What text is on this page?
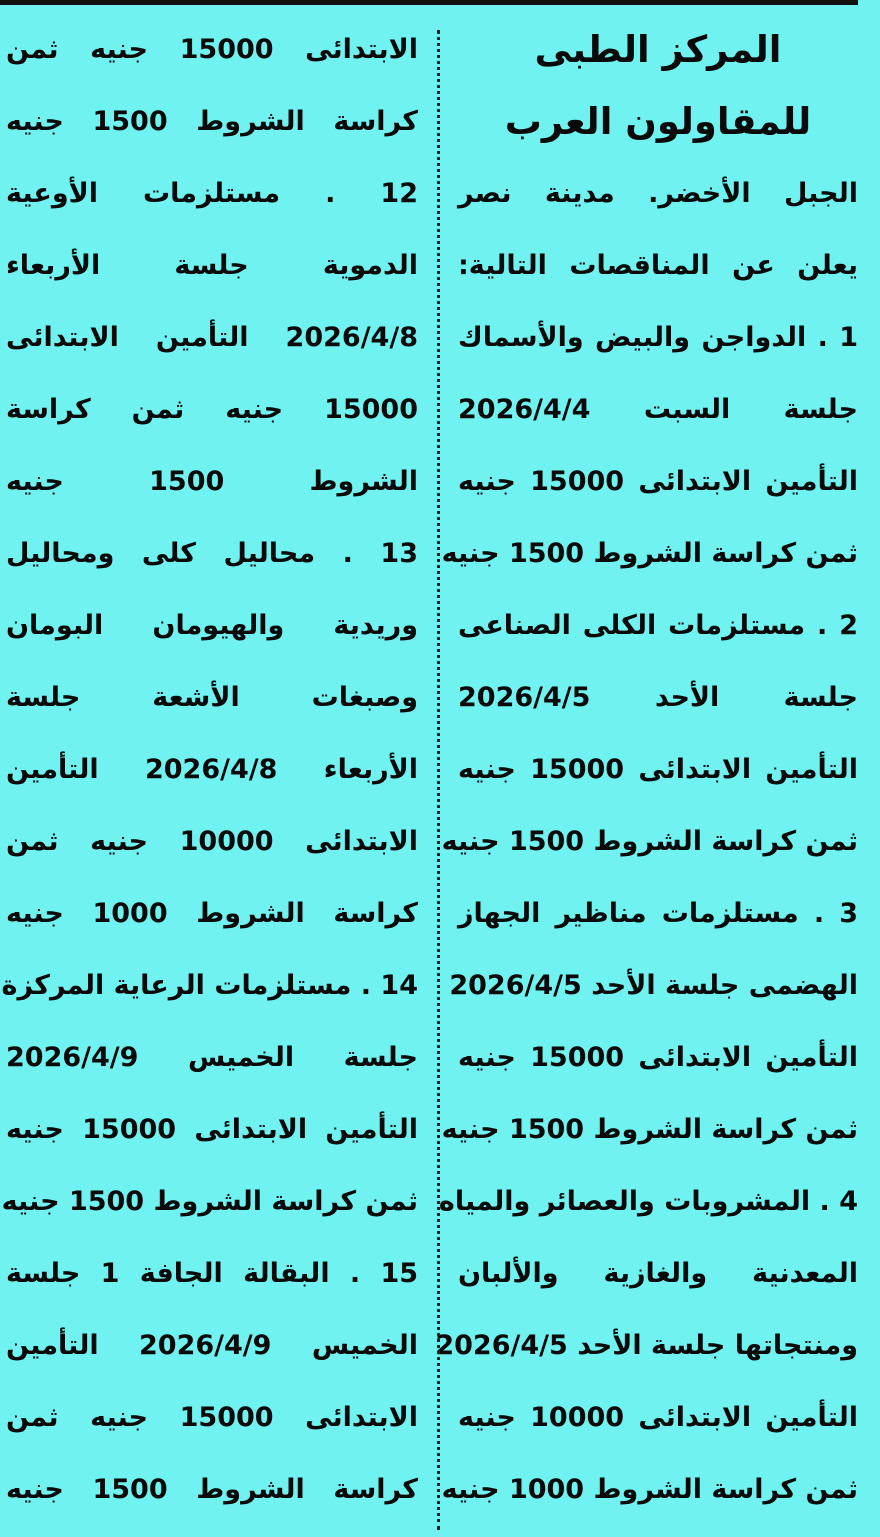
المركز الطبى
للمقاولون العرب
الجبل الأخضر. مدينة نصر
يعلن عن المناقصات التالية:
1 . الدواجن والبيض والأسماك
جلسة السبت 2026/4/4
التأمين الابتدائى 15000 جنيه
ثمن كراسة الشروط 1500 جنيه
2 . مستلزمات الكلى الصناعى
جلسة الأحد 2026/4/5
التأمين الابتدائى 15000 جنيه
ثمن كراسة الشروط 1500 جنيه
3 . مستلزمات مناظير الجهاز
الهضمى جلسة الأحد 2026/4/5
التأمين الابتدائى 15000 جنيه
ثمن كراسة الشروط 1500 جنيه
4 . المشروبات والعصائر والمياه
المعدنية والغازية والألبان
ومنتجاتها جلسة الأحد 2026/4/5
التأمين الابتدائى 10000 جنيه
ثمن كراسة الشروط 1000 جنيه
الابتدائى 15000 جنيه ثمن
كراسة الشروط 1500 جنيه
12 . مستلزمات الأوعية
الدموية جلسة الأربعاء
2026/4/8 التأمين الابتدائى
15000 جنيه ثمن كراسة
الشروط 1500 جنيه
13 . محاليل كلى ومحاليل
وريدية والهيومان البومان
وصبغات الأشعة جلسة
الأربعاء 2026/4/8 التأمين
الابتدائى 10000 جنيه ثمن
كراسة الشروط 1000 جنيه
14 . مستلزمات الرعاية المركزة
جلسة الخميس 2026/4/9
التأمين الابتدائى 15000 جنيه
ثمن كراسة الشروط 1500 جنيه
15 . البقالة الجافة 1 جلسة
الخميس 2026/4/9 التأمين
الابتدائى 15000 جنيه ثمن
كراسة الشروط 1500 جنيه
